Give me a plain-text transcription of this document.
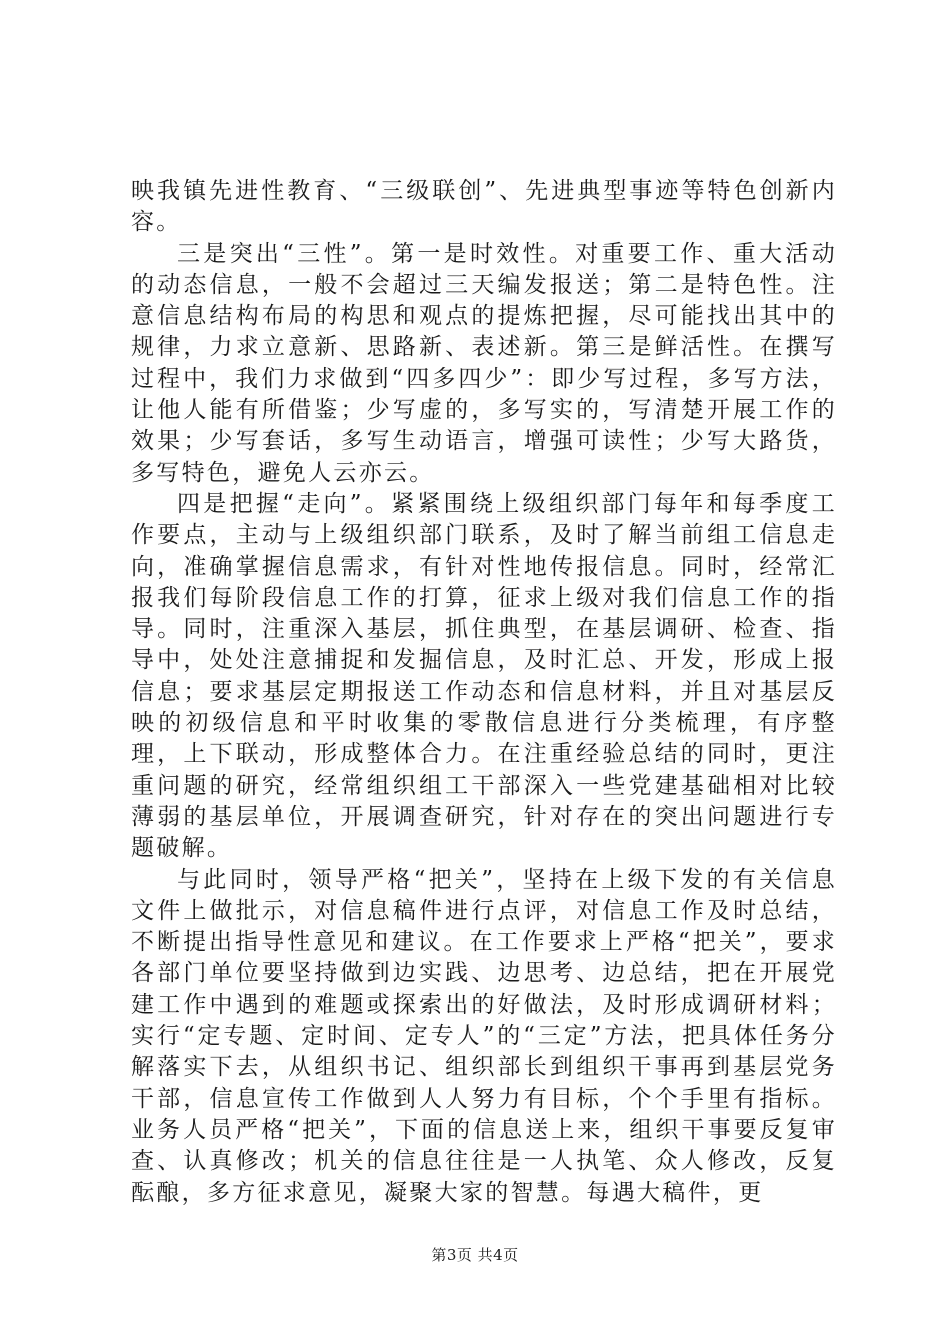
映我镇先进性教育、“三级联创”、先进典型事迹等特色创新内容。

三是突出“三性”。第一是时效性。对重要工作、重大活动的动态信息，一般不会超过三天编发报送；第二是特色性。注意信息结构布局的构思和观点的提炼把握，尽可能找出其中的规律，力求立意新、思路新、表述新。第三是鲜活性。在撰写过程中，我们力求做到“四多四少”：即少写过程，多写方法，让他人能有所借鉴；少写虚的，多写实的，写清楚开展工作的效果；少写套话，多写生动语言，增强可读性；少写大路货，多写特色，避免人云亦云。

四是把握“走向”。紧紧围绕上级组织部门每年和每季度工作要点，主动与上级组织部门联系，及时了解当前组工信息走向，准确掌握信息需求，有针对性地传报信息。同时，经常汇报我们每阶段信息工作的打算，征求上级对我们信息工作的指导。同时，注重深入基层，抓住典型，在基层调研、检查、指导中，处处注意捕捉和发掘信息，及时汇总、开发，形成上报信息；要求基层定期报送工作动态和信息材料，并且对基层反映的初级信息和平时收集的零散信息进行分类梳理，有序整理，上下联动，形成整体合力。在注重经验总结的同时，更注重问题的研究，经常组织组工干部深入一些党建基础相对比较薄弱的基层单位，开展调查研究，针对存在的突出问题进行专题破解。

与此同时，领导严格“把关”，坚持在上级下发的有关信息文件上做批示，对信息稿件进行点评，对信息工作及时总结，不断提出指导性意见和建议。在工作要求上严格“把关”，要求各部门单位要坚持做到边实践、边思考、边总结，把在开展党建工作中遇到的难题或探索出的好做法，及时形成调研材料；实行“定专题、定时间、定专人”的“三定”方法，把具体任务分解落实下去，从组织书记、组织部长到组织干事再到基层党务干部，信息宣传工作做到人人努力有目标，个个手里有指标。业务人员严格“把关”，下面的信息送上来，组织干事要反复审查、认真修改；机关的信息往往是一人执笔、众人修改，反复酝酿，多方征求意见，凝聚大家的智慧。每遇大稿件，更

第3页 共4页
